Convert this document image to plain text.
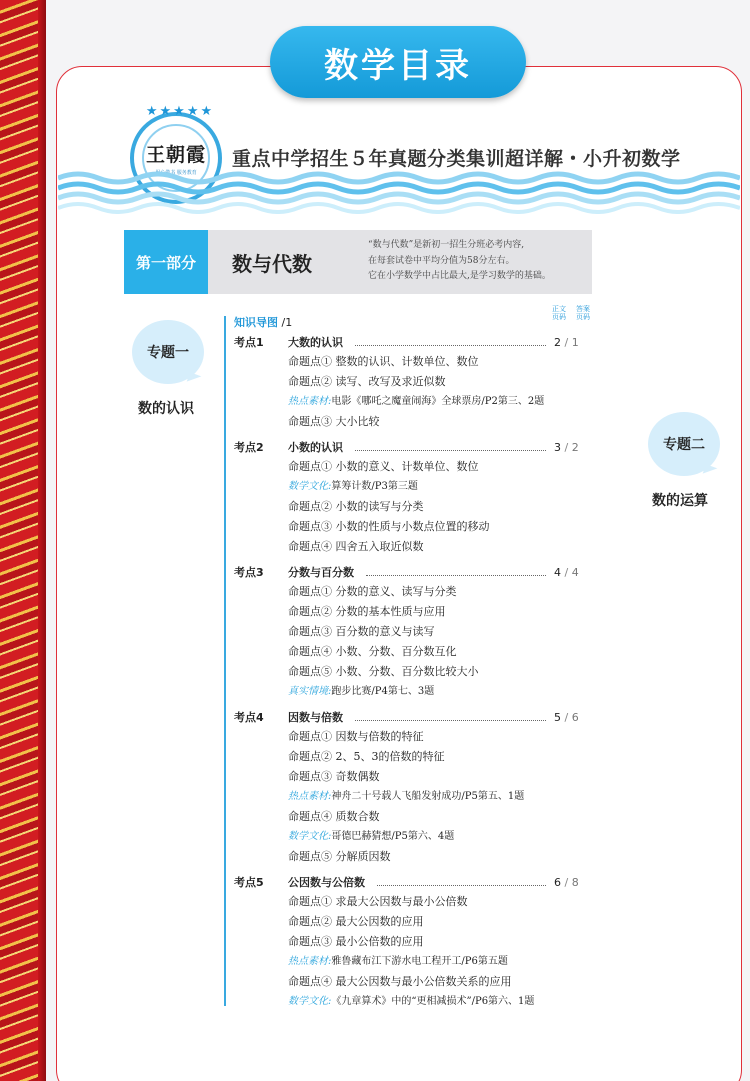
数学目录
★★★★★
王朝霞
用心做书 服务教育
重点中学招生５年真题分类集训超详解・小升初数学
第一部分	数与代数
“数与代数”是新初一招生分班必考内容,
在每套试卷中平均分值为58分左右。
它在小学数学中占比最大,是学习数学的基础。
专题一
数的认识
专题二
数的运算
知识导图 /1
正文
页码
答案
页码
考点1	大数的认识	2 / 1
命题点① 整数的认识、计数单位、数位
命题点② 读写、改写及求近似数
热点素材:电影《哪吒之魔童闹海》全球票房/P2第三、2题
命题点③ 大小比较
考点2	小数的认识	3 / 2
命题点① 小数的意义、计数单位、数位
数学文化:算筹计数/P3第三题
命题点② 小数的读写与分类
命题点③ 小数的性质与小数点位置的移动
命题点④ 四舍五入取近似数
考点3	分数与百分数	4 / 4
命题点① 分数的意义、读写与分类
命题点② 分数的基本性质与应用
命题点③ 百分数的意义与读写
命题点④ 小数、分数、百分数互化
命题点⑤ 小数、分数、百分数比较大小
真实情境:跑步比赛/P4第七、3题
考点4	因数与倍数	5 / 6
命题点① 因数与倍数的特征
命题点② 2、5、3的倍数的特征
命题点③ 奇数偶数
热点素材:神舟二十号载人飞船发射成功/P5第五、1题
命题点④ 质数合数
数学文化:哥德巴赫猜想/P5第六、4题
命题点⑤ 分解质因数
考点5	公因数与公倍数	6 / 8
命题点① 求最大公因数与最小公倍数
命题点② 最大公因数的应用
命题点③ 最小公倍数的应用
热点素材:雅鲁藏布江下游水电工程开工/P6第五题
命题点④ 最大公因数与最小公倍数关系的应用
数学文化:《九章算术》中的“更相减损术”/P6第六、1题
